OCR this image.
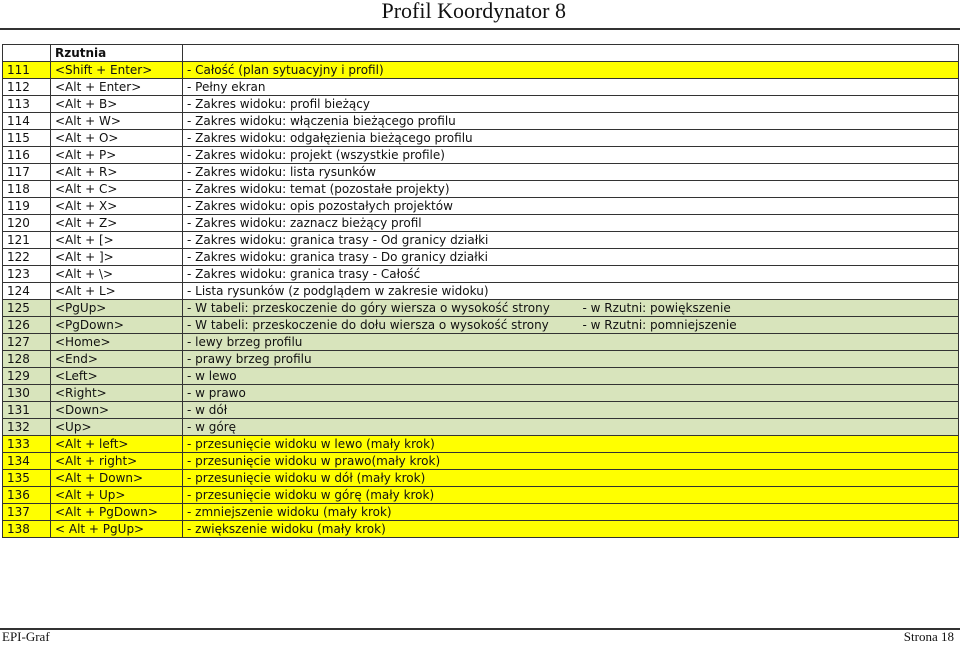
Profil Koordynator 8
	Rzutnia		
111	<Shift + Enter>	- Całość (plan sytuacyjny i profil)	
112	<Alt + Enter>	- Pełny ekran	
113	<Alt + B>	- Zakres widoku: profil bieżący	
114	<Alt + W>	- Zakres widoku: włączenia bieżącego profilu	
115	<Alt + O>	- Zakres widoku: odgałęzienia bieżącego profilu	
116	<Alt + P>	- Zakres widoku: projekt (wszystkie profile)	
117	<Alt + R>	- Zakres widoku: lista rysunków	
118	<Alt + C>	- Zakres widoku: temat (pozostałe projekty)	
119	<Alt + X>	- Zakres widoku: opis pozostałych projektów	
120	<Alt + Z>	- Zakres widoku: zaznacz bieżący profil	
121	<Alt + [>	- Zakres widoku: granica trasy - Od granicy działki	
122	<Alt + ]>	- Zakres widoku: granica trasy - Do granicy działki	
123	<Alt + \>	- Zakres widoku: granica trasy - Całość	
124	<Alt + L>	- Lista rysunków (z podglądem w zakresie widoku)	
125	<PgUp>	- W tabeli: przeskoczenie do góry wiersza o wysokość strony	- w Rzutni: powiększenie
126	<PgDown>	- W tabeli: przeskoczenie do dołu wiersza o wysokość strony	- w Rzutni: pomniejszenie
127	<Home>	- lewy brzeg profilu	
128	<End>	- prawy brzeg profilu	
129	<Left>	- w lewo	
130	<Right>	- w prawo	
131	<Down>	- w dół	
132	<Up>	- w górę	
133	<Alt + left>	- przesunięcie widoku w lewo (mały krok)	
134	<Alt + right>	- przesunięcie widoku w prawo(mały krok)	
135	<Alt + Down>	- przesunięcie widoku w dół (mały krok)	
136	<Alt + Up>	- przesunięcie widoku w górę (mały krok)	
137	<Alt + PgDown>	- zmniejszenie widoku (mały krok)	
138	< Alt + PgUp>	- zwiększenie widoku (mały krok)	
EPI-Graf	Strona 18
